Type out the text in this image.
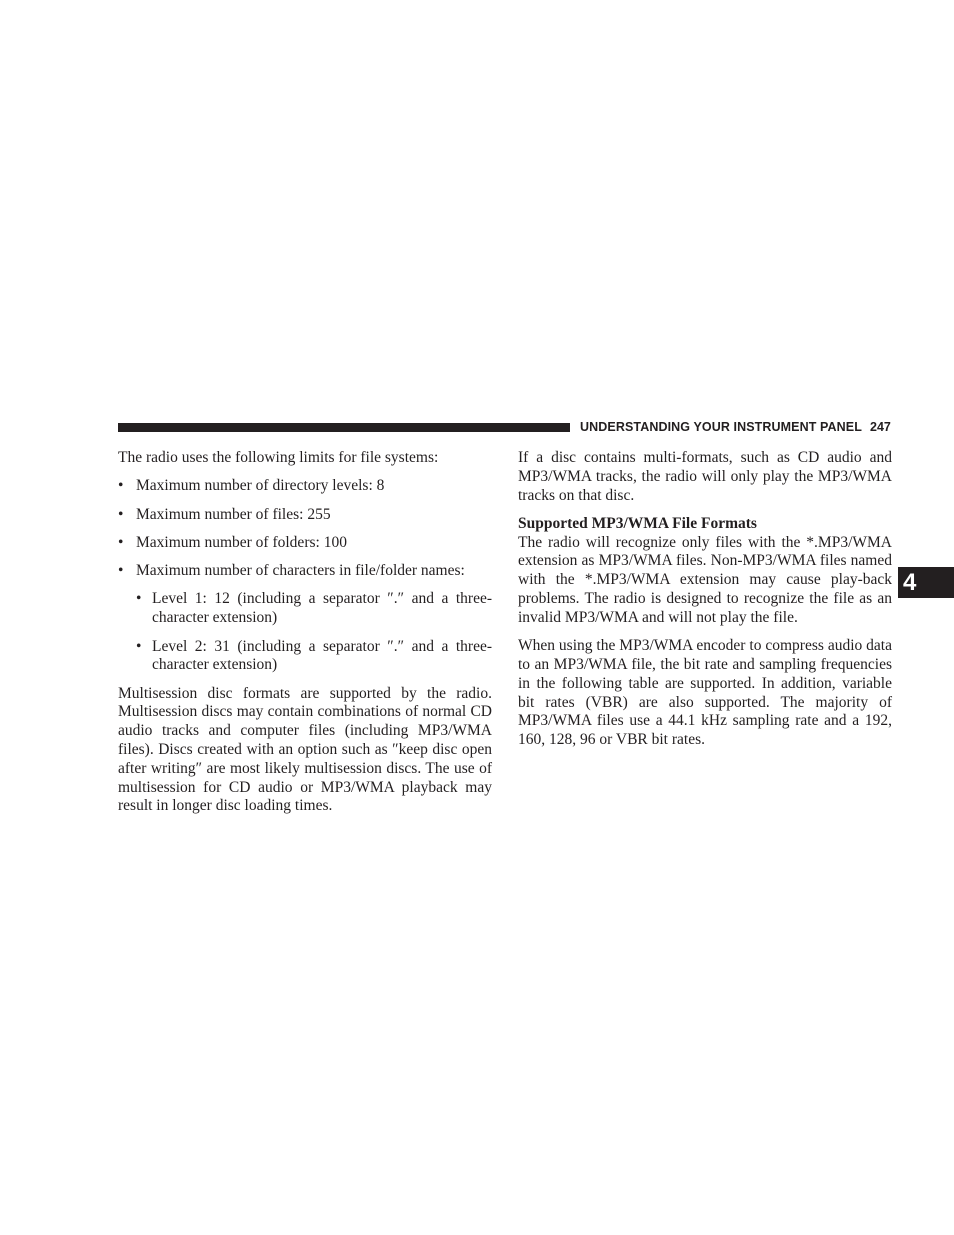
UNDERSTANDING YOUR INSTRUMENT PANEL 247
4

The radio uses the following limits for file systems:

• Maximum number of directory levels: 8
• Maximum number of files: 255
• Maximum number of folders: 100
• Maximum number of characters in file/folder names:
• Level 1: 12 (including a separator ″.″ and a three-character extension)
• Level 2: 31 (including a separator ″.″ and a three-character extension)

Multisession disc formats are supported by the radio. Multisession discs may contain combinations of normal CD audio tracks and computer files (including MP3/WMA files). Discs created with an option such as ″keep disc open after writing″ are most likely multisession discs. The use of multisession for CD audio or MP3/WMA playback may result in longer disc loading times.

If a disc contains multi-formats, such as CD audio and MP3/WMA tracks, the radio will only play the MP3/WMA tracks on that disc.

Supported MP3/WMA File Formats

The radio will recognize only files with the *.MP3/WMA extension as MP3/WMA files. Non-MP3/WMA files named with the *.MP3/WMA extension may cause play-back problems. The radio is designed to recognize the file as an invalid MP3/WMA and will not play the file.

When using the MP3/WMA encoder to compress audio data to an MP3/WMA file, the bit rate and sampling frequencies in the following table are supported. In addition, variable bit rates (VBR) are also supported. The majority of MP3/WMA files use a 44.1 kHz sampling rate and a 192, 160, 128, 96 or VBR bit rates.
